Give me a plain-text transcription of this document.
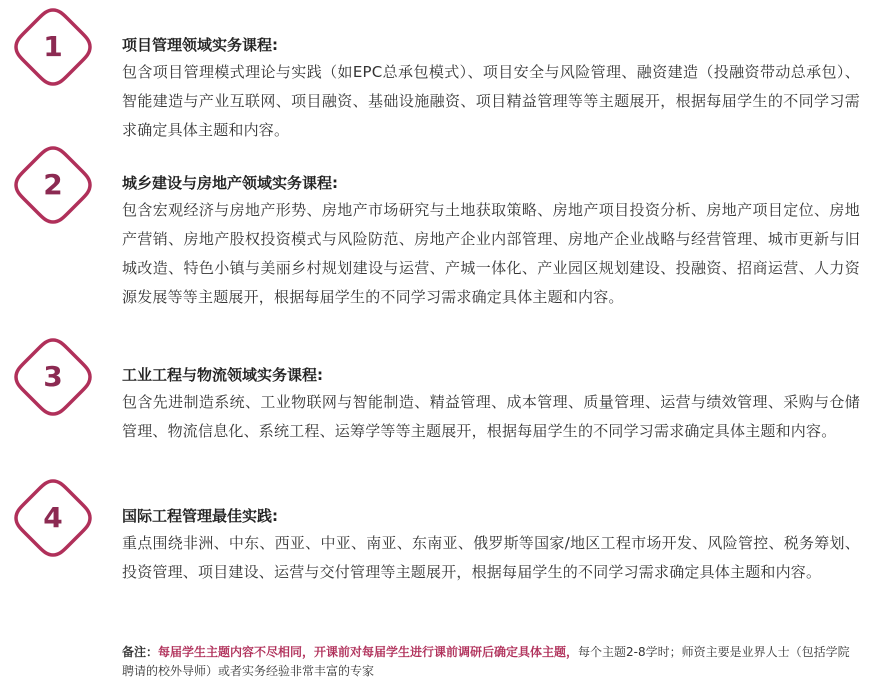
1	项目管理领域实务课程:
包含项目管理模式理论与实践（如EPC总承包模式）、项目安全与风险管理、融资建造（投融资带动总承包）、智能建造与产业互联网、项目融资、基础设施融资、项目精益管理等等主题展开，根据每届学生的不同学习需求确定具体主题和内容。
2	城乡建设与房地产领域实务课程:
包含宏观经济与房地产形势、房地产市场研究与土地获取策略、房地产项目投资分析、房地产项目定位、房地产营销、房地产股权投资模式与风险防范、房地产企业内部管理、房地产企业战略与经营管理、城市更新与旧城改造、特色小镇与美丽乡村规划建设与运营、产城一体化、产业园区规划建设、投融资、招商运营、人力资源发展等等主题展开，根据每届学生的不同学习需求确定具体主题和内容。
3	工业工程与物流领域实务课程:
包含先进制造系统、工业物联网与智能制造、精益管理、成本管理、质量管理、运营与绩效管理、采购与仓储管理、物流信息化、系统工程、运筹学等等主题展开，根据每届学生的不同学习需求确定具体主题和内容。
4	国际工程管理最佳实践:
重点围绕非洲、中东、西亚、中亚、南亚、东南亚、俄罗斯等国家/地区工程市场开发、风险管控、税务筹划、投资管理、项目建设、运营与交付管理等主题展开，根据每届学生的不同学习需求确定具体主题和内容。
备注：每届学生主题内容不尽相同，开课前对每届学生进行课前调研后确定具体主题，每个主题2-8学时；师资主要是业界人士（包括学院聘请的校外导师）或者实务经验非常丰富的专家
